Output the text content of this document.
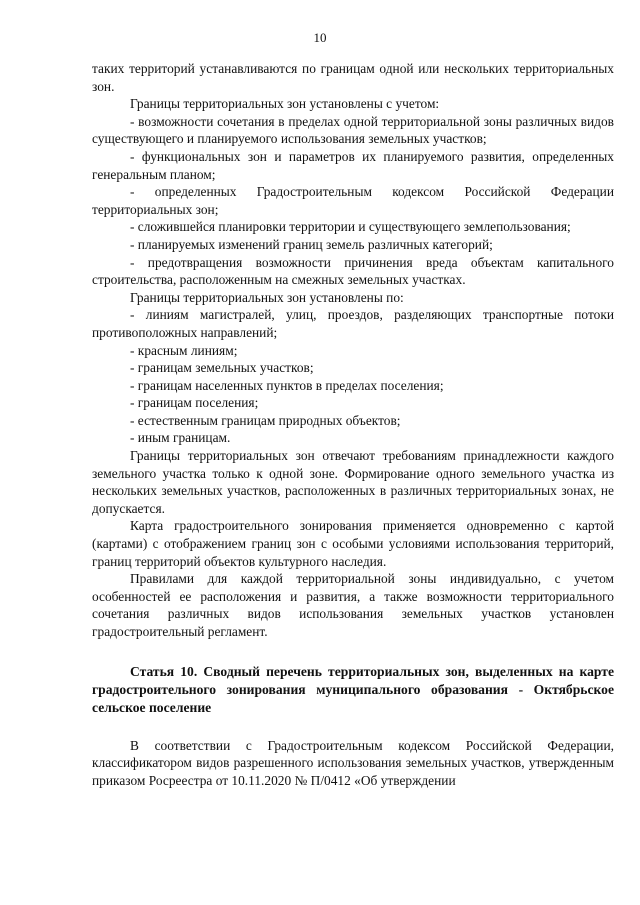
10

таких территорий устанавливаются по границам одной или нескольких территориальных зон.

Границы территориальных зон установлены с учетом:

- возможности сочетания в пределах одной территориальной зоны различных видов существующего и планируемого использования земельных участков;

- функциональных зон и параметров их планируемого развития, определенных генеральным планом;

- определенных Градостроительным кодексом Российской Федерации территориальных зон;

- сложившейся планировки территории и существующего землепользования;

- планируемых изменений границ земель различных категорий;

- предотвращения возможности причинения вреда объектам капитального строительства, расположенным на смежных земельных участках.

Границы территориальных зон установлены по:

- линиям магистралей, улиц, проездов, разделяющих транспортные потоки противоположных направлений;

- красным линиям;

- границам земельных участков;

- границам населенных пунктов в пределах поселения;

- границам поселения;

- естественным границам природных объектов;

- иным границам.

Границы территориальных зон отвечают требованиям принадлежности каждого земельного участка только к одной зоне. Формирование одного земельного участка из нескольких земельных участков, расположенных в различных территориальных зонах, не допускается.

Карта градостроительного зонирования применяется одновременно с картой (картами) с отображением границ зон с особыми условиями использования территорий, границ территорий объектов культурного наследия.

Правилами для каждой территориальной зоны индивидуально, с учетом особенностей ее расположения и развития, а также возможности территориального сочетания различных видов использования земельных участков установлен градостроительный регламент.

Статья 10. Сводный перечень территориальных зон, выделенных на карте градостроительного зонирования муниципального образования - Октябрьское сельское поселение

В соответствии с Градостроительным кодексом Российской Федерации, классификатором видов разрешенного использования земельных участков, утвержденным приказом Росреестра от 10.11.2020 № П/0412 «Об утверждении
